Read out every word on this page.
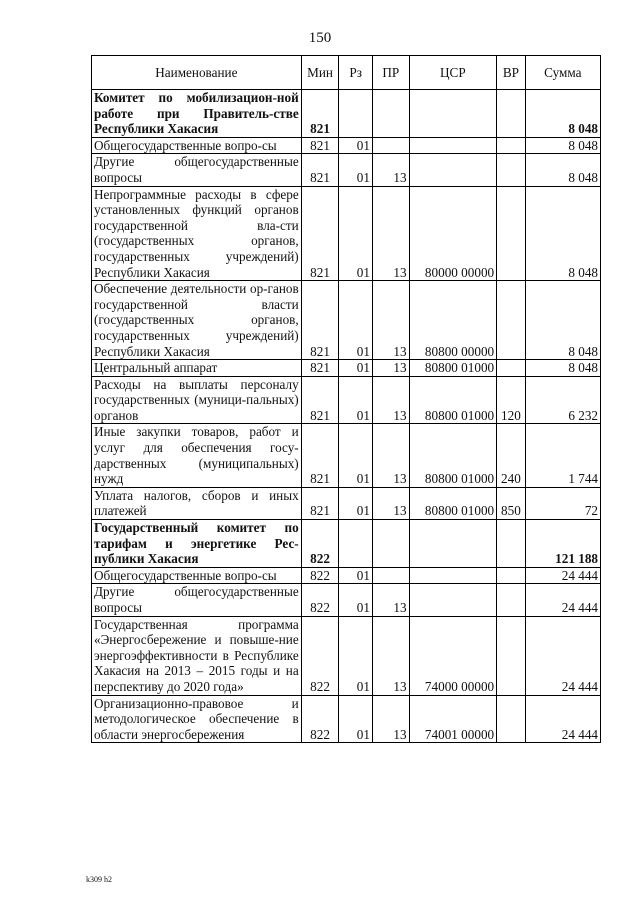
150
Наименование	Мин	Рз	ПР	ЦСР	ВР	Сумма
Комитет по мобилизацион-ной работе при Правитель-стве Республики Хакасия	821					8 048
Общегосударственные вопро-сы	821	01				8 048
Другие общегосударственные вопросы	821	01	13			8 048
Непрограммные расходы в сфере установленных функций органов государственной вла-сти (государственных органов, государственных учреждений) Республики Хакасия	821	01	13	80000 00000		8 048
Обеспечение деятельности ор-ганов государственной власти (государственных органов, государственных учреждений) Республики Хакасия	821	01	13	80800 00000		8 048
Центральный аппарат	821	01	13	80800 01000		8 048
Расходы на выплаты персоналу государственных (муници-пальных) органов	821	01	13	80800 01000	120	6 232
Иные закупки товаров, работ и услуг для обеспечения госу-дарственных (муниципальных) нужд	821	01	13	80800 01000	240	1 744
Уплата налогов, сборов и иных платежей	821	01	13	80800 01000	850	72
Государственный комитет по тарифам и энергетике Рес-публики Хакасия	822					121 188
Общегосударственные вопро-сы	822	01				24 444
Другие общегосударственные вопросы	822	01	13			24 444
Государственная программа «Энергосбережение и повыше-ние энергоэффективности в Республике Хакасия на 2013 – 2015 годы и на перспективу до 2020 года»	822	01	13	74000 00000		24 444
Организационно-правовое и методологическое обеспечение в области энергосбережения	822	01	13	74001 00000		24 444
k309 h2
